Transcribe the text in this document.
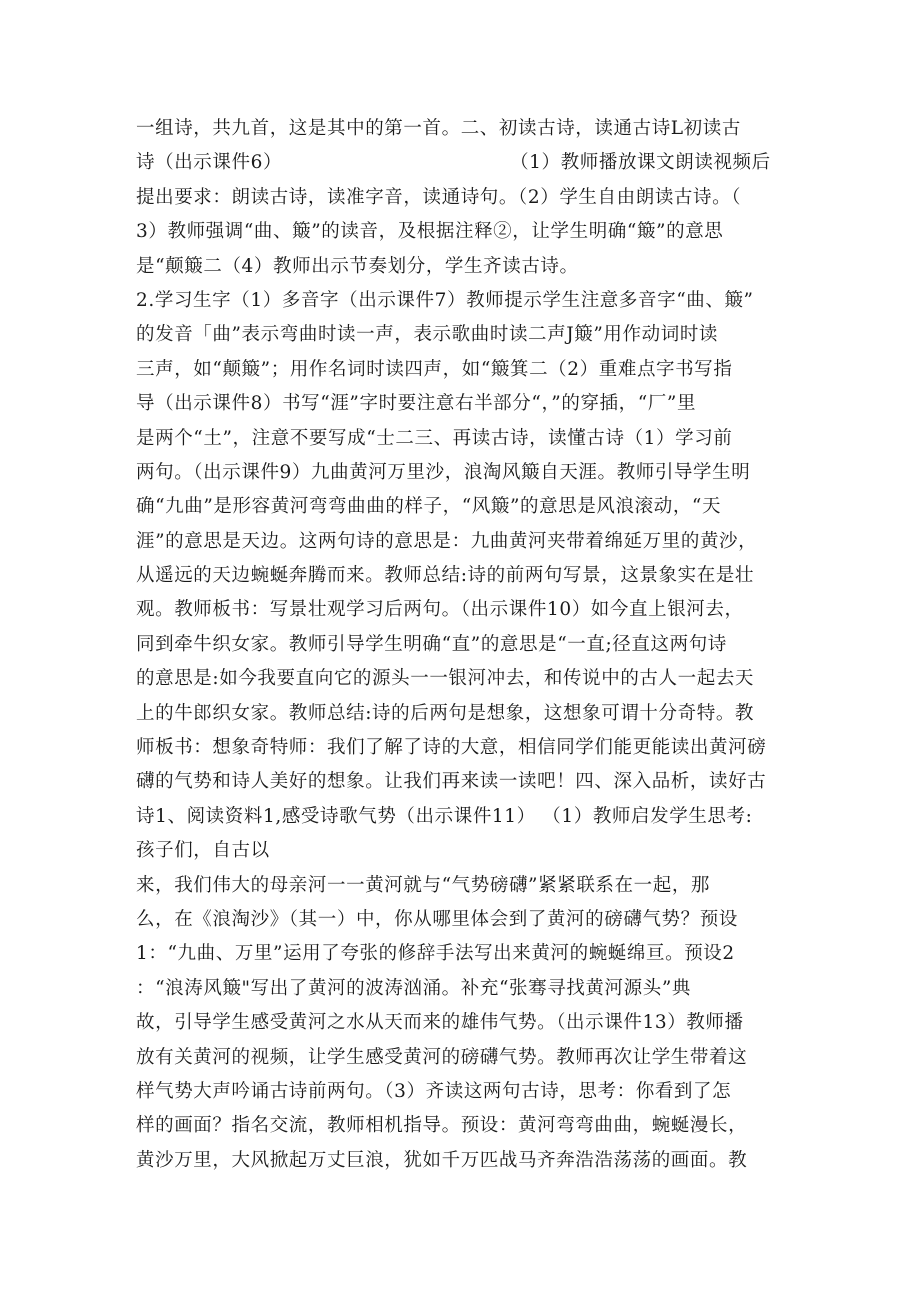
一组诗，共九首，这是其中的第一首。二、初读古诗，读通古诗L初读古
诗（出示课件6）	（1）教师播放课文朗读视频后
提出要求：朗读古诗，读准字音，读通诗句。（2）学生自由朗读古诗。（
3）教师强调“曲、簸”的读音，及根据注释②，让学生明确“簸”的意思
是“颠簸二（4）教师出示节奏划分，学生齐读古诗。
2.学习生字（1）多音字（出示课件7）教师提示学生注意多音字“曲、簸”
的发音「曲”表示弯曲时读一声，表示歌曲时读二声J簸”用作动词时读
三声，如“颠簸”；用作名词时读四声，如“簸箕二（2）重难点字书写指
导（出示课件8）书写“涯”字时要注意右半部分“，”的穿插，“厂”里
是两个“土”，注意不要写成“士二三、再读古诗，读懂古诗（1）学习前
两句。（出示课件9）九曲黄河万里沙，浪淘风簸自天涯。教师引导学生明
确“九曲”是形容黄河弯弯曲曲的样子，“风簸”的意思是风浪滚动，“天
涯”的意思是天边。这两句诗的意思是：九曲黄河夹带着绵延万里的黄沙，
从遥远的天边蜿蜒奔腾而来。教师总结:诗的前两句写景，这景象实在是壮
观。教师板书：写景壮观学习后两句。（出示课件10）如今直上银河去，
同到牵牛织女家。教师引导学生明确“直”的意思是“一直;径直这两句诗
的意思是:如今我要直向它的源头一一银河冲去，和传说中的古人一起去天
上的牛郎织女家。教师总结:诗的后两句是想象，这想象可谓十分奇特。教
师板书：想象奇特师：我们了解了诗的大意，相信同学们能更能读出黄河磅
礴的气势和诗人美好的想象。让我们再来读一读吧！四、深入品析，读好古
诗1、阅读资料1,感受诗歌气势（出示课件11） （1）教师启发学生思考:
孩子们，自古以
来，我们伟大的母亲河一一黄河就与“气势磅礴”紧紧联系在一起，那
么，在《浪淘沙》（其一）中，你从哪里体会到了黄河的磅礴气势？预设
1：“九曲、万里”运用了夸张的修辞手法写出来黄河的蜿蜒绵亘。预设2
：“浪涛风簸"写出了黄河的波涛汹涌。补充“张骞寻找黄河源头”典
故，引导学生感受黄河之水从天而来的雄伟气势。（出示课件13）教师播
放有关黄河的视频，让学生感受黄河的磅礴气势。教师再次让学生带着这
样气势大声吟诵古诗前两句。（3）齐读这两句古诗，思考：你看到了怎
样的画面？指名交流，教师相机指导。预设：黄河弯弯曲曲，蜿蜒漫长，
黄沙万里，大风掀起万丈巨浪，犹如千万匹战马齐奔浩浩荡荡的画面。教
